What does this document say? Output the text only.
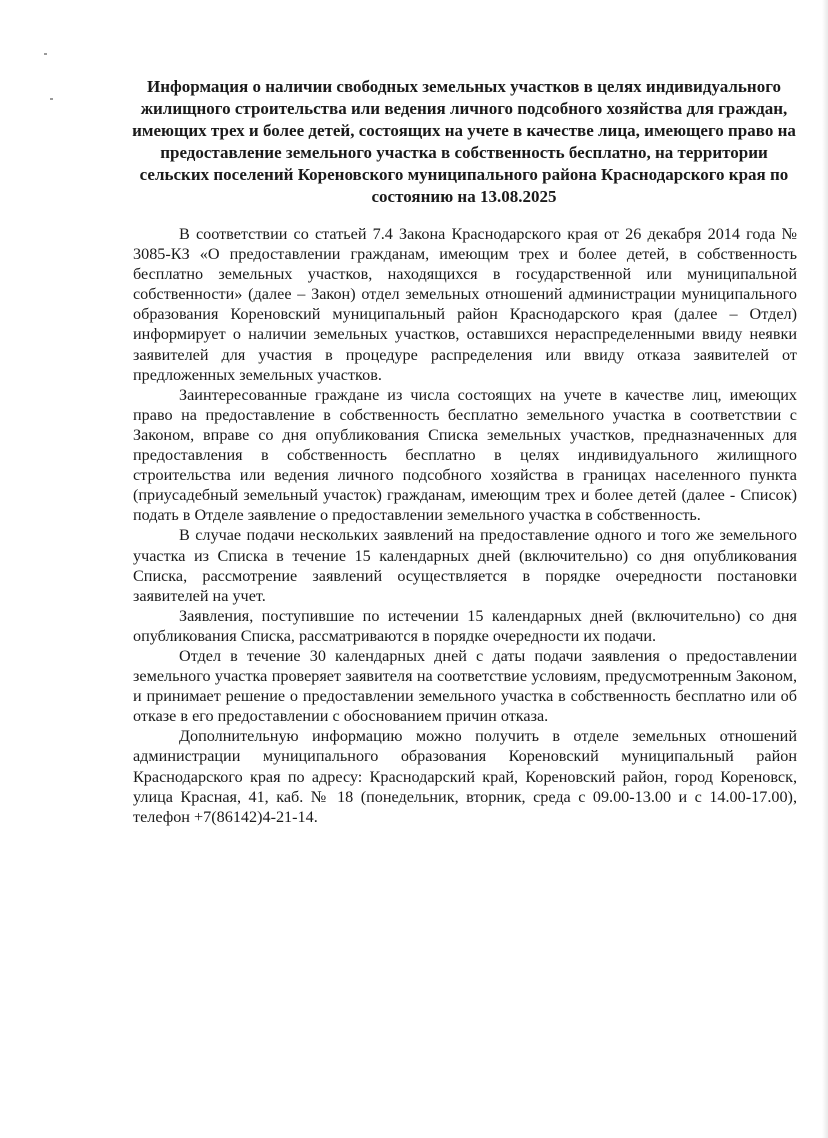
Информация о наличии свободных земельных участков в целях индивидуального жилищного строительства или ведения личного подсобного хозяйства для граждан, имеющих трех и более детей, состоящих на учете в качестве лица, имеющего право на предоставление земельного участка в собственность бесплатно, на территории сельских поселений Кореновского муниципального района Краснодарского края по состоянию на 13.08.2025

В соответствии со статьей 7.4 Закона Краснодарского края от 26 декабря 2014 года № 3085-КЗ «О предоставлении гражданам, имеющим трех и более детей, в собственность бесплатно земельных участков, находящихся в государственной или муниципальной собственности» (далее – Закон) отдел земельных отношений администрации муниципального образования Кореновский муниципальный район Краснодарского края (далее – Отдел) информирует о наличии земельных участков, оставшихся нераспределенными ввиду неявки заявителей для участия в процедуре распределения или ввиду отказа заявителей от предложенных земельных участков.

Заинтересованные граждане из числа состоящих на учете в качестве лиц, имеющих право на предоставление в собственность бесплатно земельного участка в соответствии с Законом, вправе со дня опубликования Списка земельных участков, предназначенных для предоставления в собственность бесплатно в целях индивидуального жилищного строительства или ведения личного подсобного хозяйства в границах населенного пункта (приусадебный земельный участок) гражданам, имеющим трех и более детей (далее - Список) подать в Отделе заявление о предоставлении земельного участка в собственность.

В случае подачи нескольких заявлений на предоставление одного и того же земельного участка из Списка в течение 15 календарных дней (включительно) со дня опубликования Списка, рассмотрение заявлений осуществляется в порядке очередности постановки заявителей на учет.

Заявления, поступившие по истечении 15 календарных дней (включительно) со дня опубликования Списка, рассматриваются в порядке очередности их подачи.

Отдел в течение 30 календарных дней с даты подачи заявления о предоставлении земельного участка проверяет заявителя на соответствие условиям, предусмотренным Законом, и принимает решение о предоставлении земельного участка в собственность бесплатно или об отказе в его предоставлении с обоснованием причин отказа.

Дополнительную информацию можно получить в отделе земельных отношений администрации муниципального образования Кореновский муниципальный район Краснодарского края по адресу: Краснодарский край, Кореновский район, город Кореновск, улица Красная, 41, каб. № 18 (понедельник, вторник, среда с 09.00-13.00 и с 14.00-17.00), телефон +7(86142)4-21-14.
